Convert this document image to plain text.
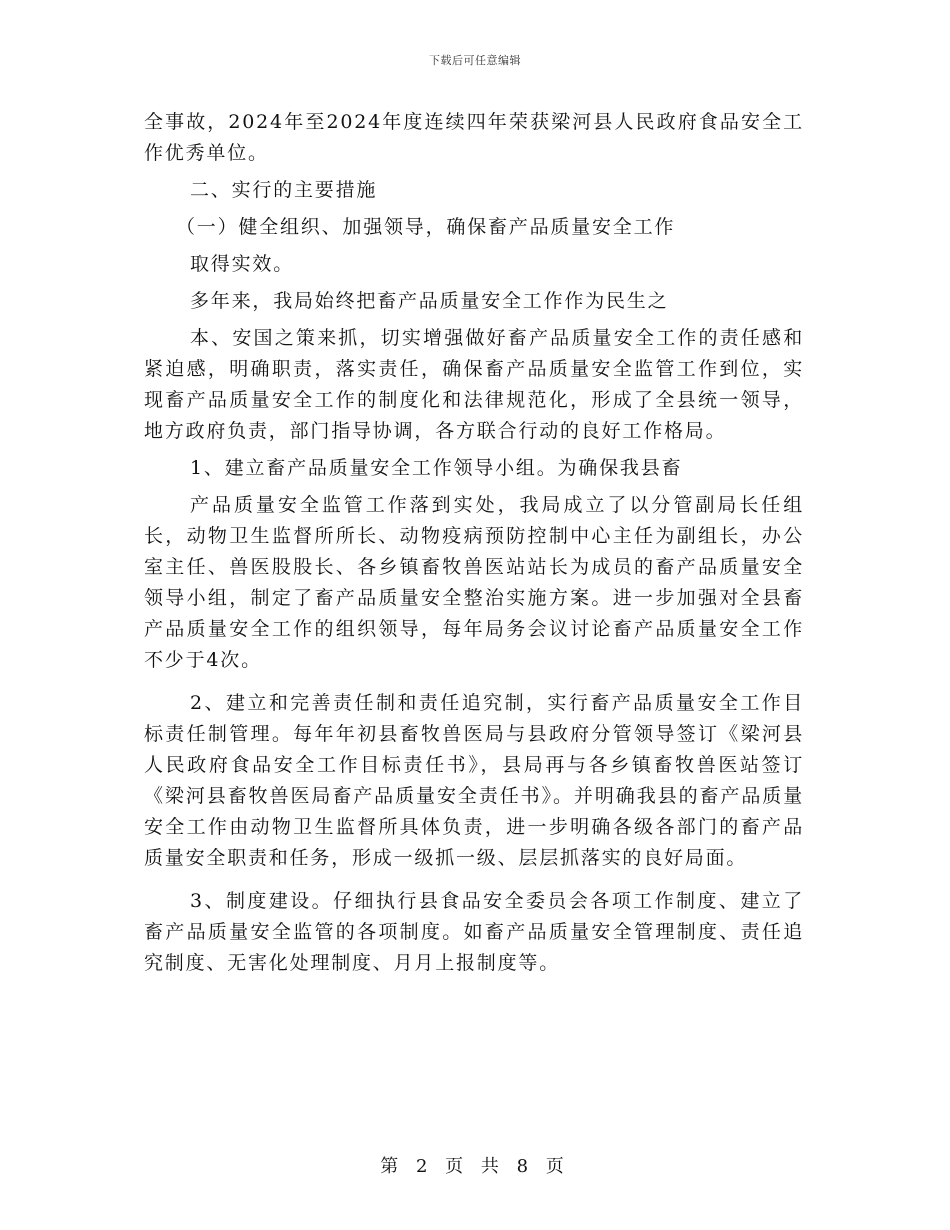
下载后可任意编辑

全事故，2024年至2024年度连续四年荣获梁河县人民政府食品安全工作优秀单位。

二、实行的主要措施

（一）健全组织、加强领导，确保畜产品质量安全工作

取得实效。

多年来，我局始终把畜产品质量安全工作作为民生之

本、安国之策来抓，切实增强做好畜产品质量安全工作的责任感和紧迫感，明确职责，落实责任，确保畜产品质量安全监管工作到位，实现畜产品质量安全工作的制度化和法律规范化，形成了全县统一领导，地方政府负责，部门指导协调，各方联合行动的良好工作格局。

1、建立畜产品质量安全工作领导小组。为确保我县畜

产品质量安全监管工作落到实处，我局成立了以分管副局长任组长，动物卫生监督所所长、动物疫病预防控制中心主任为副组长，办公室主任、兽医股股长、各乡镇畜牧兽医站站长为成员的畜产品质量安全领导小组，制定了畜产品质量安全整治实施方案。进一步加强对全县畜产品质量安全工作的组织领导，每年局务会议讨论畜产品质量安全工作不少于4次。

2、建立和完善责任制和责任追究制，实行畜产品质量安全工作目标责任制管理。每年年初县畜牧兽医局与县政府分管领导签订《梁河县人民政府食品安全工作目标责任书》，县局再与各乡镇畜牧兽医站签订《梁河县畜牧兽医局畜产品质量安全责任书》。并明确我县的畜产品质量安全工作由动物卫生监督所具体负责，进一步明确各级各部门的畜产品质量安全职责和任务，形成一级抓一级、层层抓落实的良好局面。

3、制度建设。仔细执行县食品安全委员会各项工作制度、建立了畜产品质量安全监管的各项制度。如畜产品质量安全管理制度、责任追究制度、无害化处理制度、月月上报制度等。

第 2 页 共 8 页
